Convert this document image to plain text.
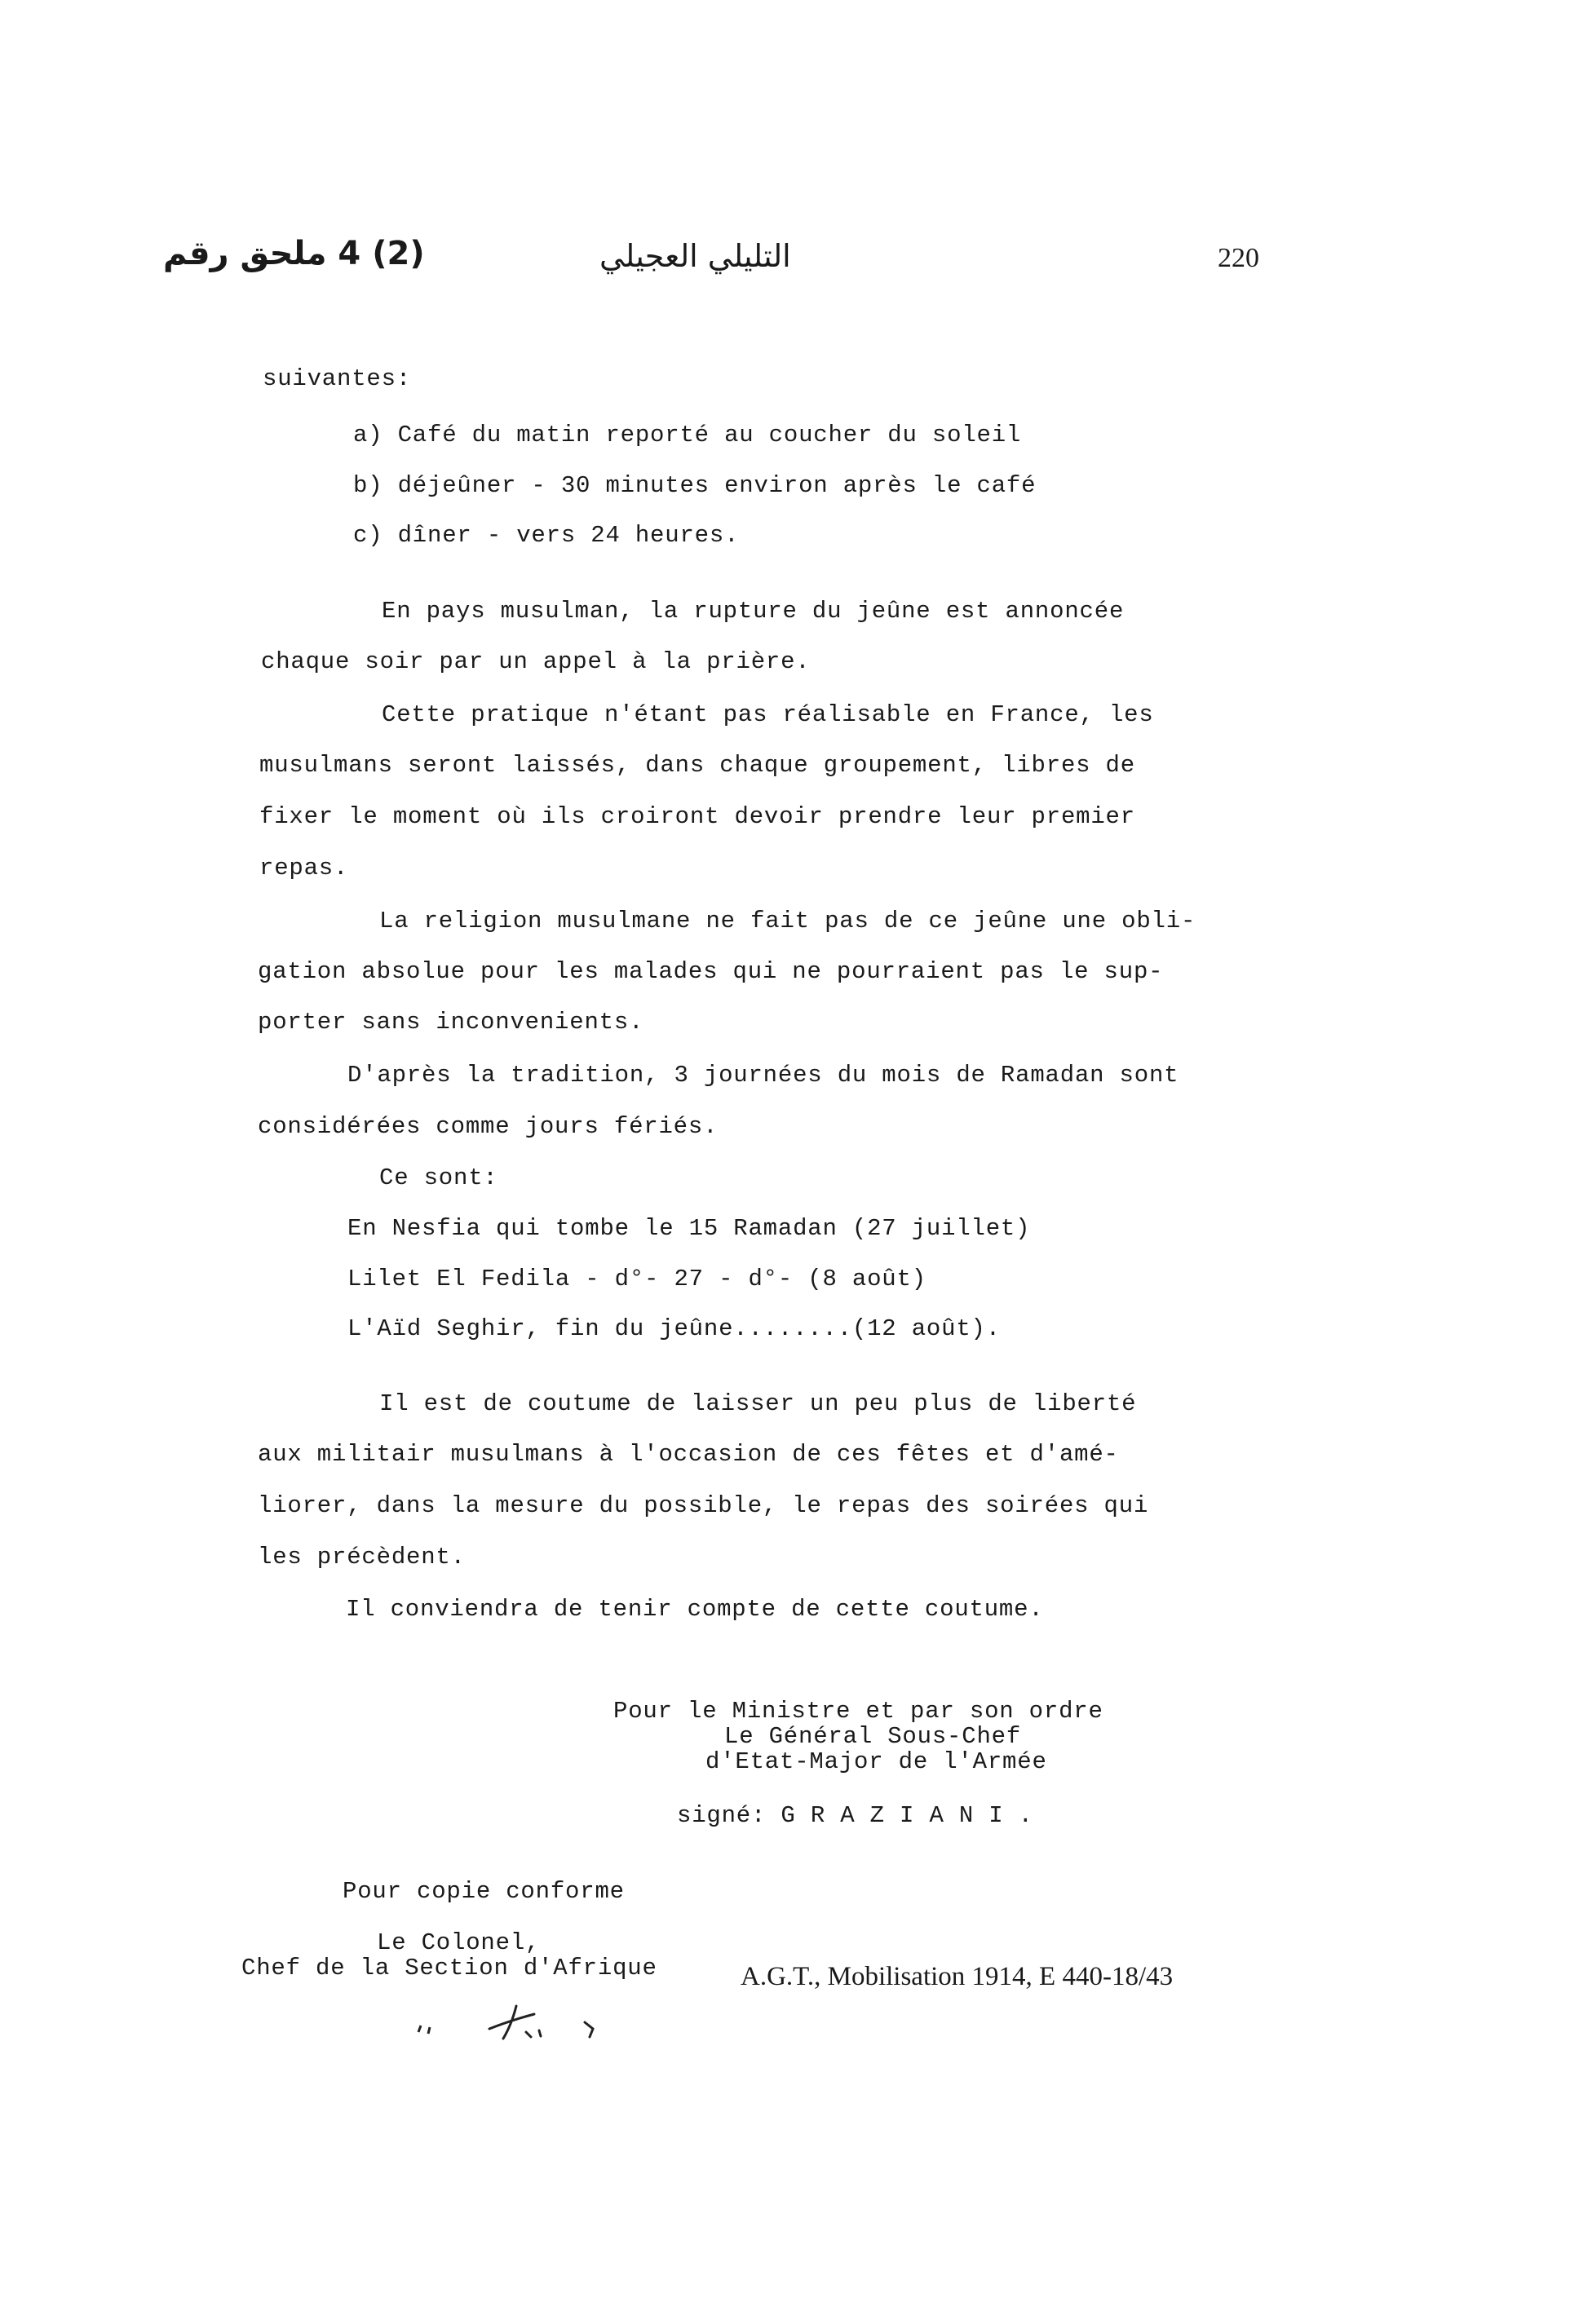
(2) 4 ملحق رقم	التليلي العجيلي	220
suivantes:
a) Café du matin reporté au coucher du soleil
b) déjeûner - 30 minutes environ après le café
c) dîner - vers 24 heures.
En pays musulman, la rupture du jeûne est annoncée
chaque soir par un appel à la prière.
Cette pratique n'étant pas réalisable en France, les
musulmans seront laissés, dans chaque groupement, libres de
fixer le moment où ils croiront devoir prendre leur premier
repas.
La religion musulmane ne fait pas de ce jeûne une obli-
gation absolue pour les malades qui ne pourraient pas le sup-
porter sans inconvenients.
D'après la tradition, 3 journées du mois de Ramadan sont
considérées comme jours fériés.
Ce sont:
En Nesfia qui tombe le 15 Ramadan (27 juillet)
Lilet El Fedila - d°- 27 - d°- (8 août)
L'Aïd Seghir, fin du jeûne........(12 août).
Il est de coutume de laisser un peu plus de liberté
aux militair musulmans à l'occasion de ces fêtes et d'amé-
liorer, dans la mesure du possible, le repas des soirées qui
les précèdent.
Il conviendra de tenir compte de cette coutume.
Pour le Ministre et par son ordre
Le Général Sous-Chef
d'Etat-Major de l'Armée
signé: G R A Z I A N I .
Pour copie conforme
Le Colonel,
Chef de la Section d'Afrique	A.G.T., Mobilisation 1914, E 440-18/43
